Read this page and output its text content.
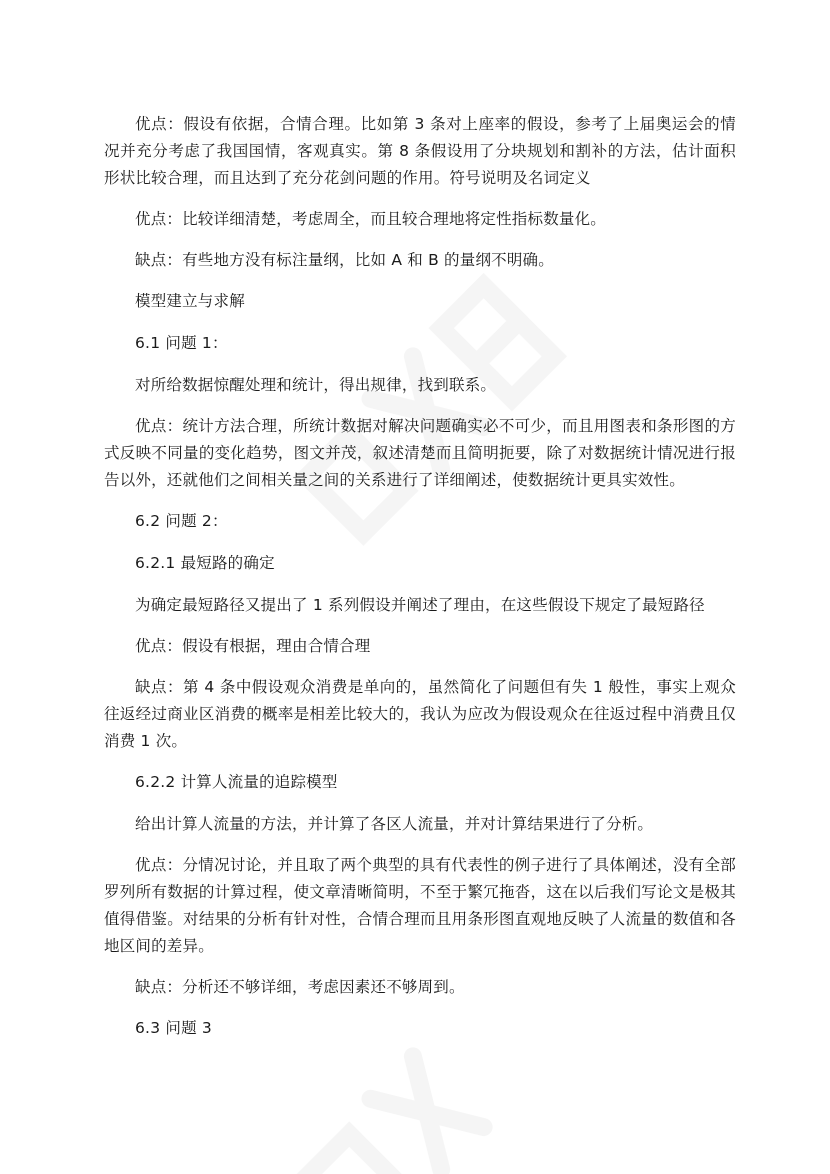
优点：假设有依据，合情合理。比如第 3 条对上座率的假设，参考了上届奥运会的情况并充分考虑了我国国情，客观真实。第 8 条假设用了分块规划和割补的方法，估计面积形状比较合理，而且达到了充分花剑问题的作用。符号说明及名词定义

优点：比较详细清楚，考虑周全，而且较合理地将定性指标数量化。

缺点：有些地方没有标注量纲，比如 A 和 B 的量纲不明确。

模型建立与求解

6.1 问题 1：

对所给数据惊醒处理和统计，得出规律，找到联系。

优点：统计方法合理，所统计数据对解决问题确实必不可少，而且用图表和条形图的方式反映不同量的变化趋势，图文并茂，叙述清楚而且简明扼要，除了对数据统计情况进行报告以外，还就他们之间相关量之间的关系进行了详细阐述，使数据统计更具实效性。

6.2 问题 2：

6.2.1 最短路的确定

为确定最短路径又提出了 1 系列假设并阐述了理由，在这些假设下规定了最短路径

优点：假设有根据，理由合情合理

缺点：第 4 条中假设观众消费是单向的，虽然简化了问题但有失 1 般性，事实上观众往返经过商业区消费的概率是相差比较大的，我认为应改为假设观众在往返过程中消费且仅消费 1 次。

6.2.2 计算人流量的追踪模型

给出计算人流量的方法，并计算了各区人流量，并对计算结果进行了分析。

优点：分情况讨论，并且取了两个典型的具有代表性的例子进行了具体阐述，没有全部罗列所有数据的计算过程，使文章清晰简明，不至于繁冗拖沓，这在以后我们写论文是极其值得借鉴。对结果的分析有针对性，合情合理而且用条形图直观地反映了人流量的数值和各地区间的差异。

缺点：分析还不够详细，考虑因素还不够周到。

6.3 问题 3
